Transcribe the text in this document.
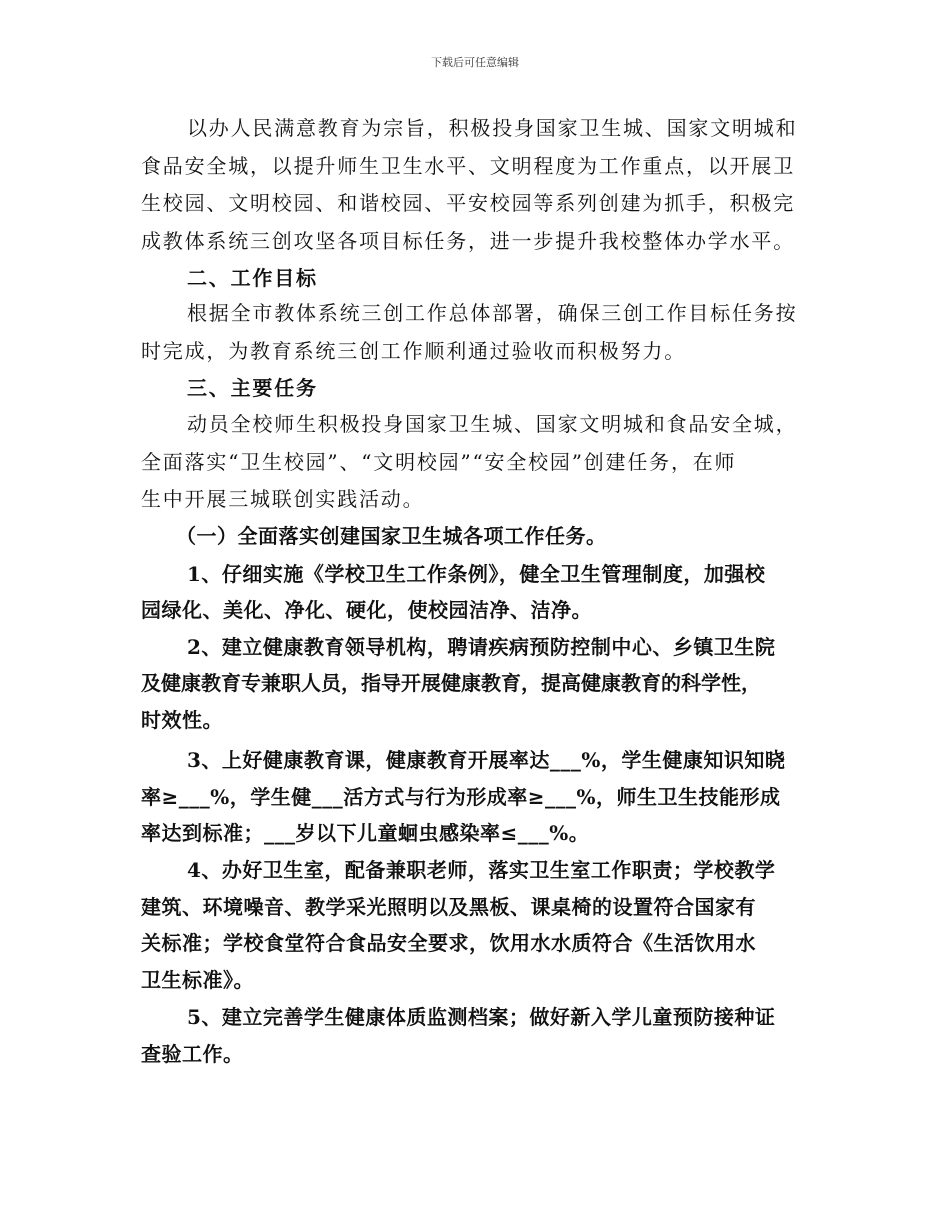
下载后可任意编辑
以办人民满意教育为宗旨，积极投身国家卫生城、国家文明城和
食品安全城，以提升师生卫生水平、文明程度为工作重点，以开展卫
生校园、文明校园、和谐校园、平安校园等系列创建为抓手，积极完
成教体系统三创攻坚各项目标任务，进一步提升我校整体办学水平。
二、工作目标
根据全市教体系统三创工作总体部署，确保三创工作目标任务按
时完成，为教育系统三创工作顺利通过验收而积极努力。
三、主要任务
动员全校师生积极投身国家卫生城、国家文明城和食品安全城，
全面落实“卫生校园”、“文明校园”“安全校园”创建任务，在师
生中开展三城联创实践活动。
（一）全面落实创建国家卫生城各项工作任务。
1、仔细实施《学校卫生工作条例》，健全卫生管理制度，加强校
园绿化、美化、净化、硬化，使校园洁净、洁净。
2、建立健康教育领导机构，聘请疾病预防控制中心、乡镇卫生院
及健康教育专兼职人员，指导开展健康教育，提高健康教育的科学性，
时效性。
3、上好健康教育课，健康教育开展率达___%，学生健康知识知晓
率≥___%，学生健___活方式与行为形成率≥___%，师生卫生技能形成
率达到标准；___岁以下儿童蛔虫感染率≤___%。
4、办好卫生室，配备兼职老师，落实卫生室工作职责；学校教学
建筑、环境噪音、教学采光照明以及黑板、课桌椅的设置符合国家有
关标准；学校食堂符合食品安全要求，饮用水水质符合《生活饮用水
卫生标准》。
5、建立完善学生健康体质监测档案；做好新入学儿童预防接种证
查验工作。
